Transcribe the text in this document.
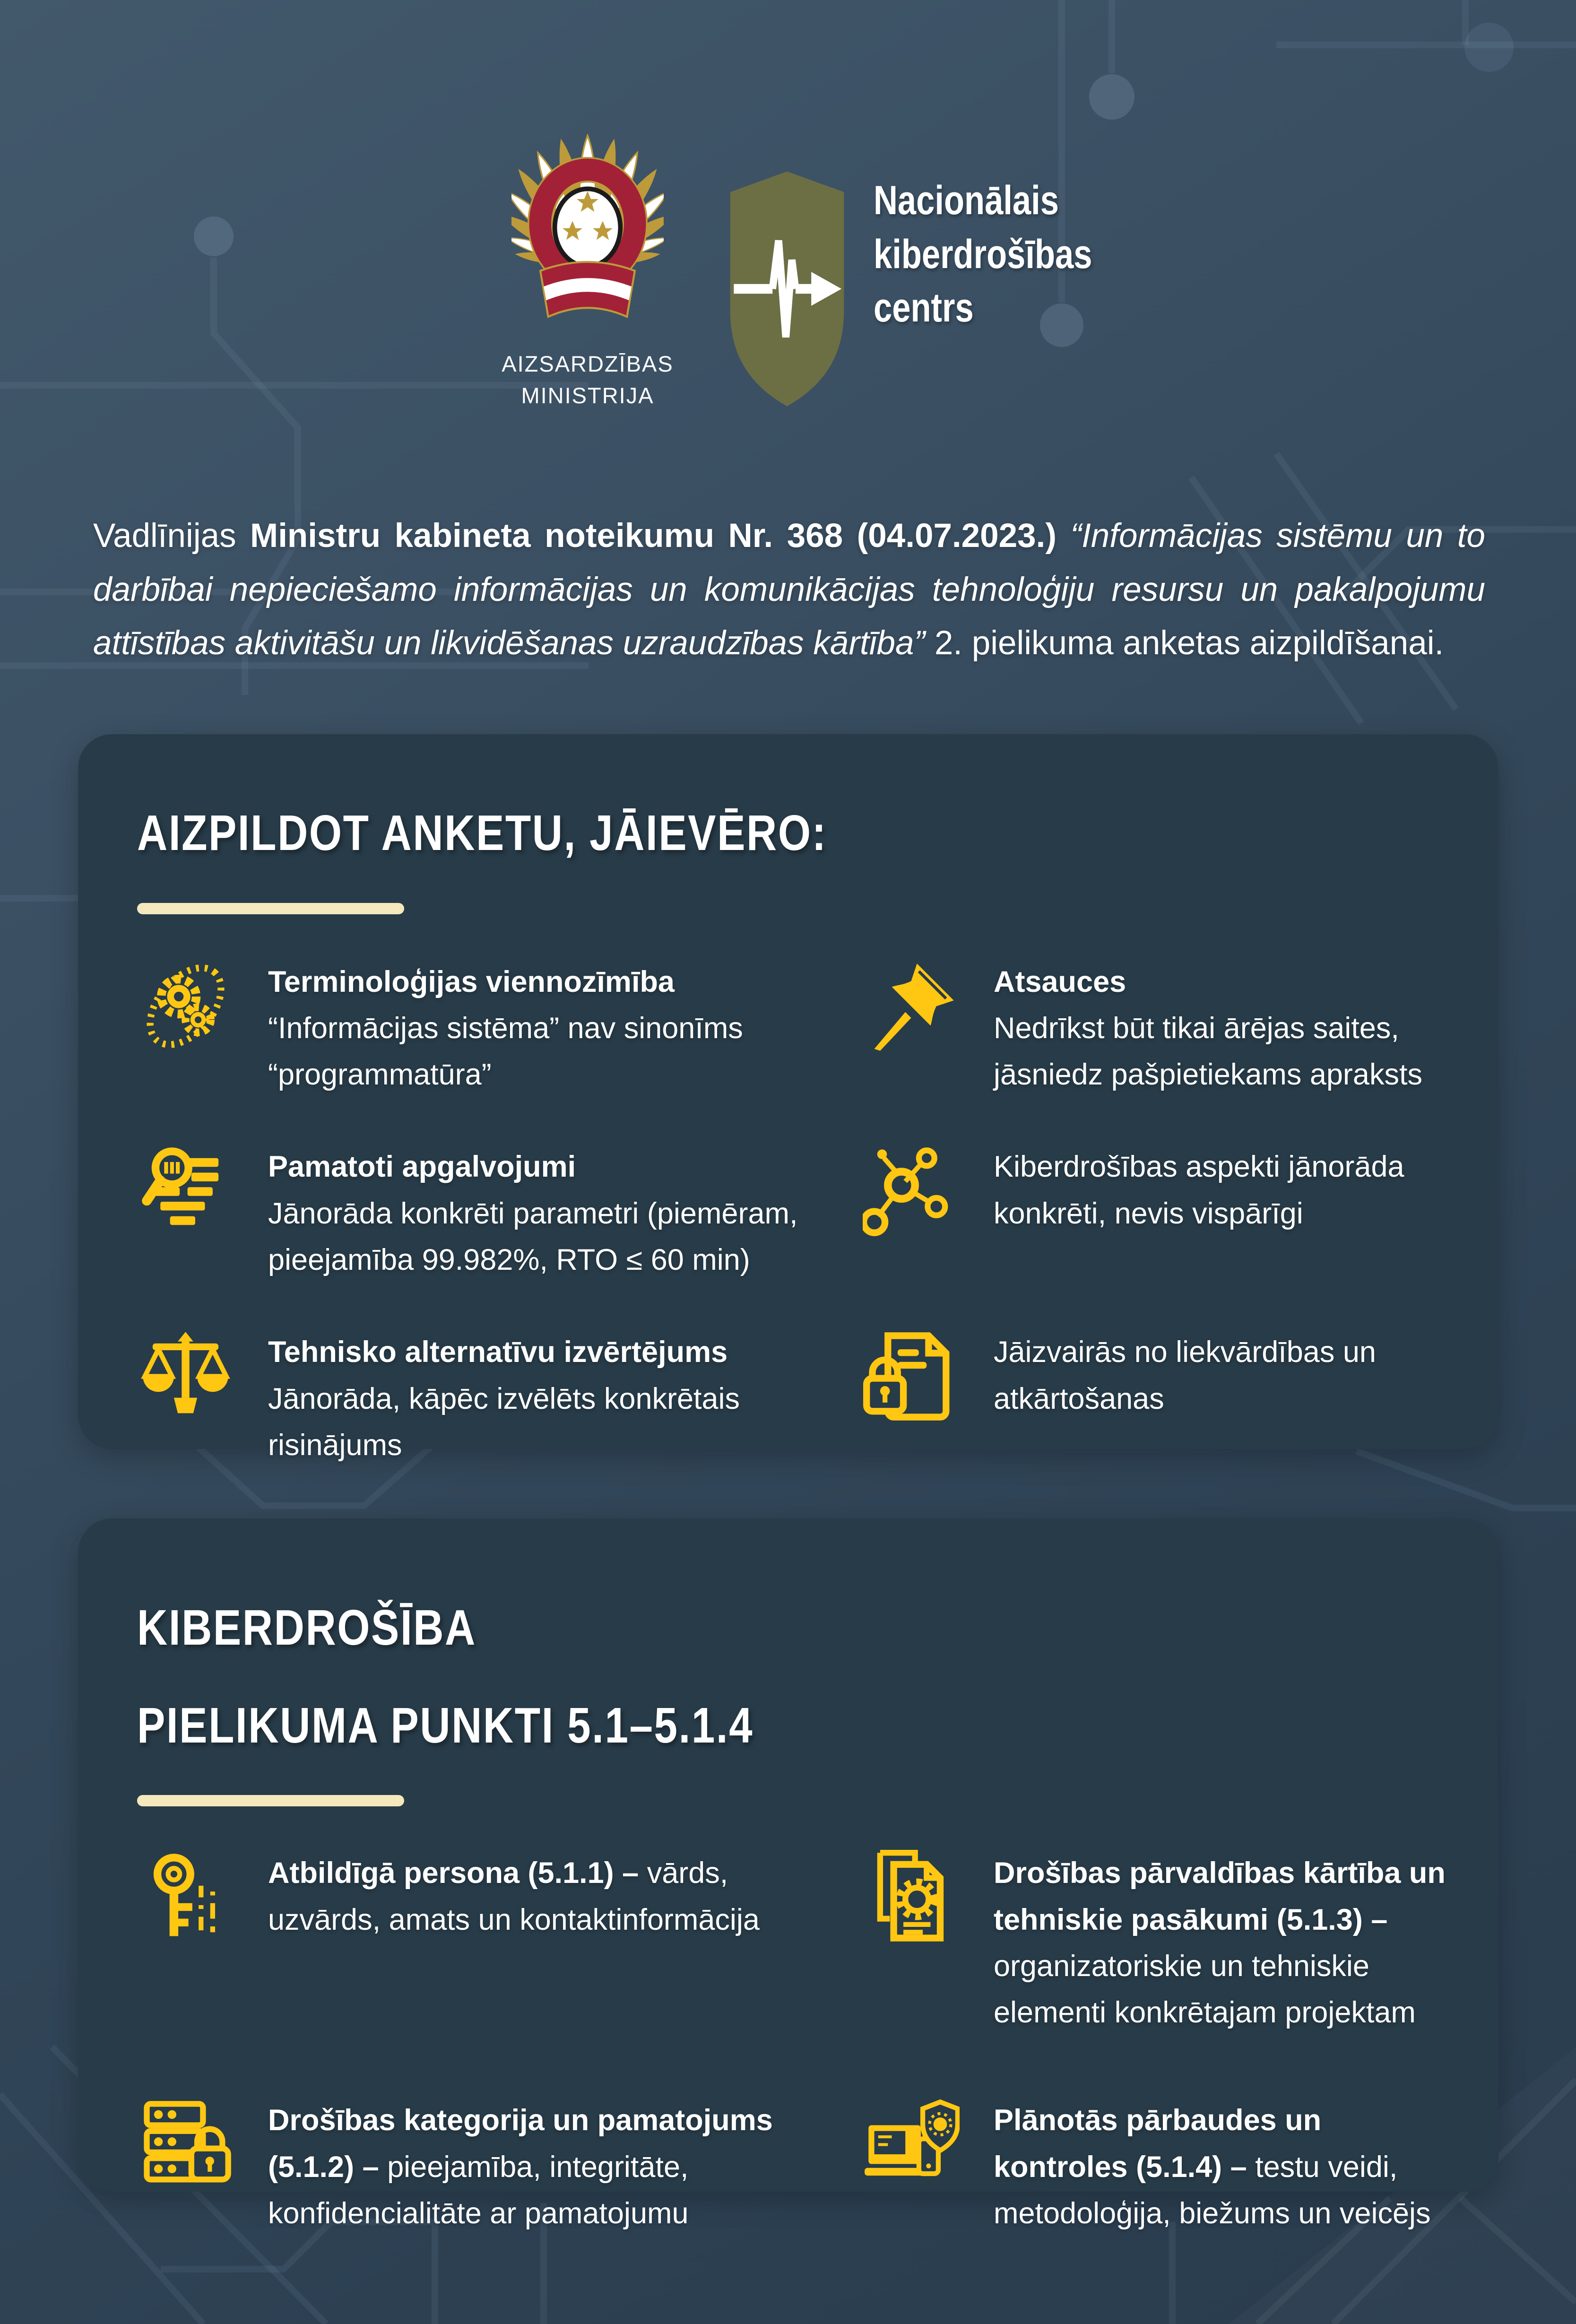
AIZSARDZĪBAS
MINISTRIJA
Nacionālais
kiberdrošības
centrs

Vadlīnijas Ministru kabineta noteikumu Nr. 368 (04.07.2023.) “Informācijas sistēmu un to darbībai nepieciešamo informācijas un komunikācijas tehnoloģiju resursu un pakalpojumu attīstības aktivitāšu un likvidēšanas uzraudzības kārtība” 2. pielikuma anketas aizpildīšanai.

AIZPILDOT ANKETU, JĀIEVĒRO:
Terminoloģijas viennozīmība
“Informācijas sistēma” nav sinonīms “programmatūra”
Atsauces
Nedrīkst būt tikai ārējas saites, jāsniedz pašpietiekams apraksts
Pamatoti apgalvojumi
Jānorāda konkrēti parametri (piemēram, pieejamība 99.982%, RTO ≤ 60 min)
Kiberdrošības aspekti jānorāda konkrēti, nevis vispārīgi
Tehnisko alternatīvu izvērtējums
Jānorāda, kāpēc izvēlēts konkrētais risinājums
Jāizvairās no liekvārdības un atkārtošanas
KIBERDROŠĪBA
PIELIKUMA PUNKTI 5.1–5.1.4
Atbildīgā persona (5.1.1) – vārds, uzvārds, amats un kontaktinformācija
Drošības pārvaldības kārtība un tehniskie pasākumi (5.1.3) – organizatoriskie un tehniskie elementi konkrētajam projektam
Drošības kategorija un pamatojums (5.1.2) – pieejamība, integritāte, konfidencialitāte ar pamatojumu
Plānotās pārbaudes un kontroles (5.1.4) – testu veidi, metodoloģija, biežums un veicējs
